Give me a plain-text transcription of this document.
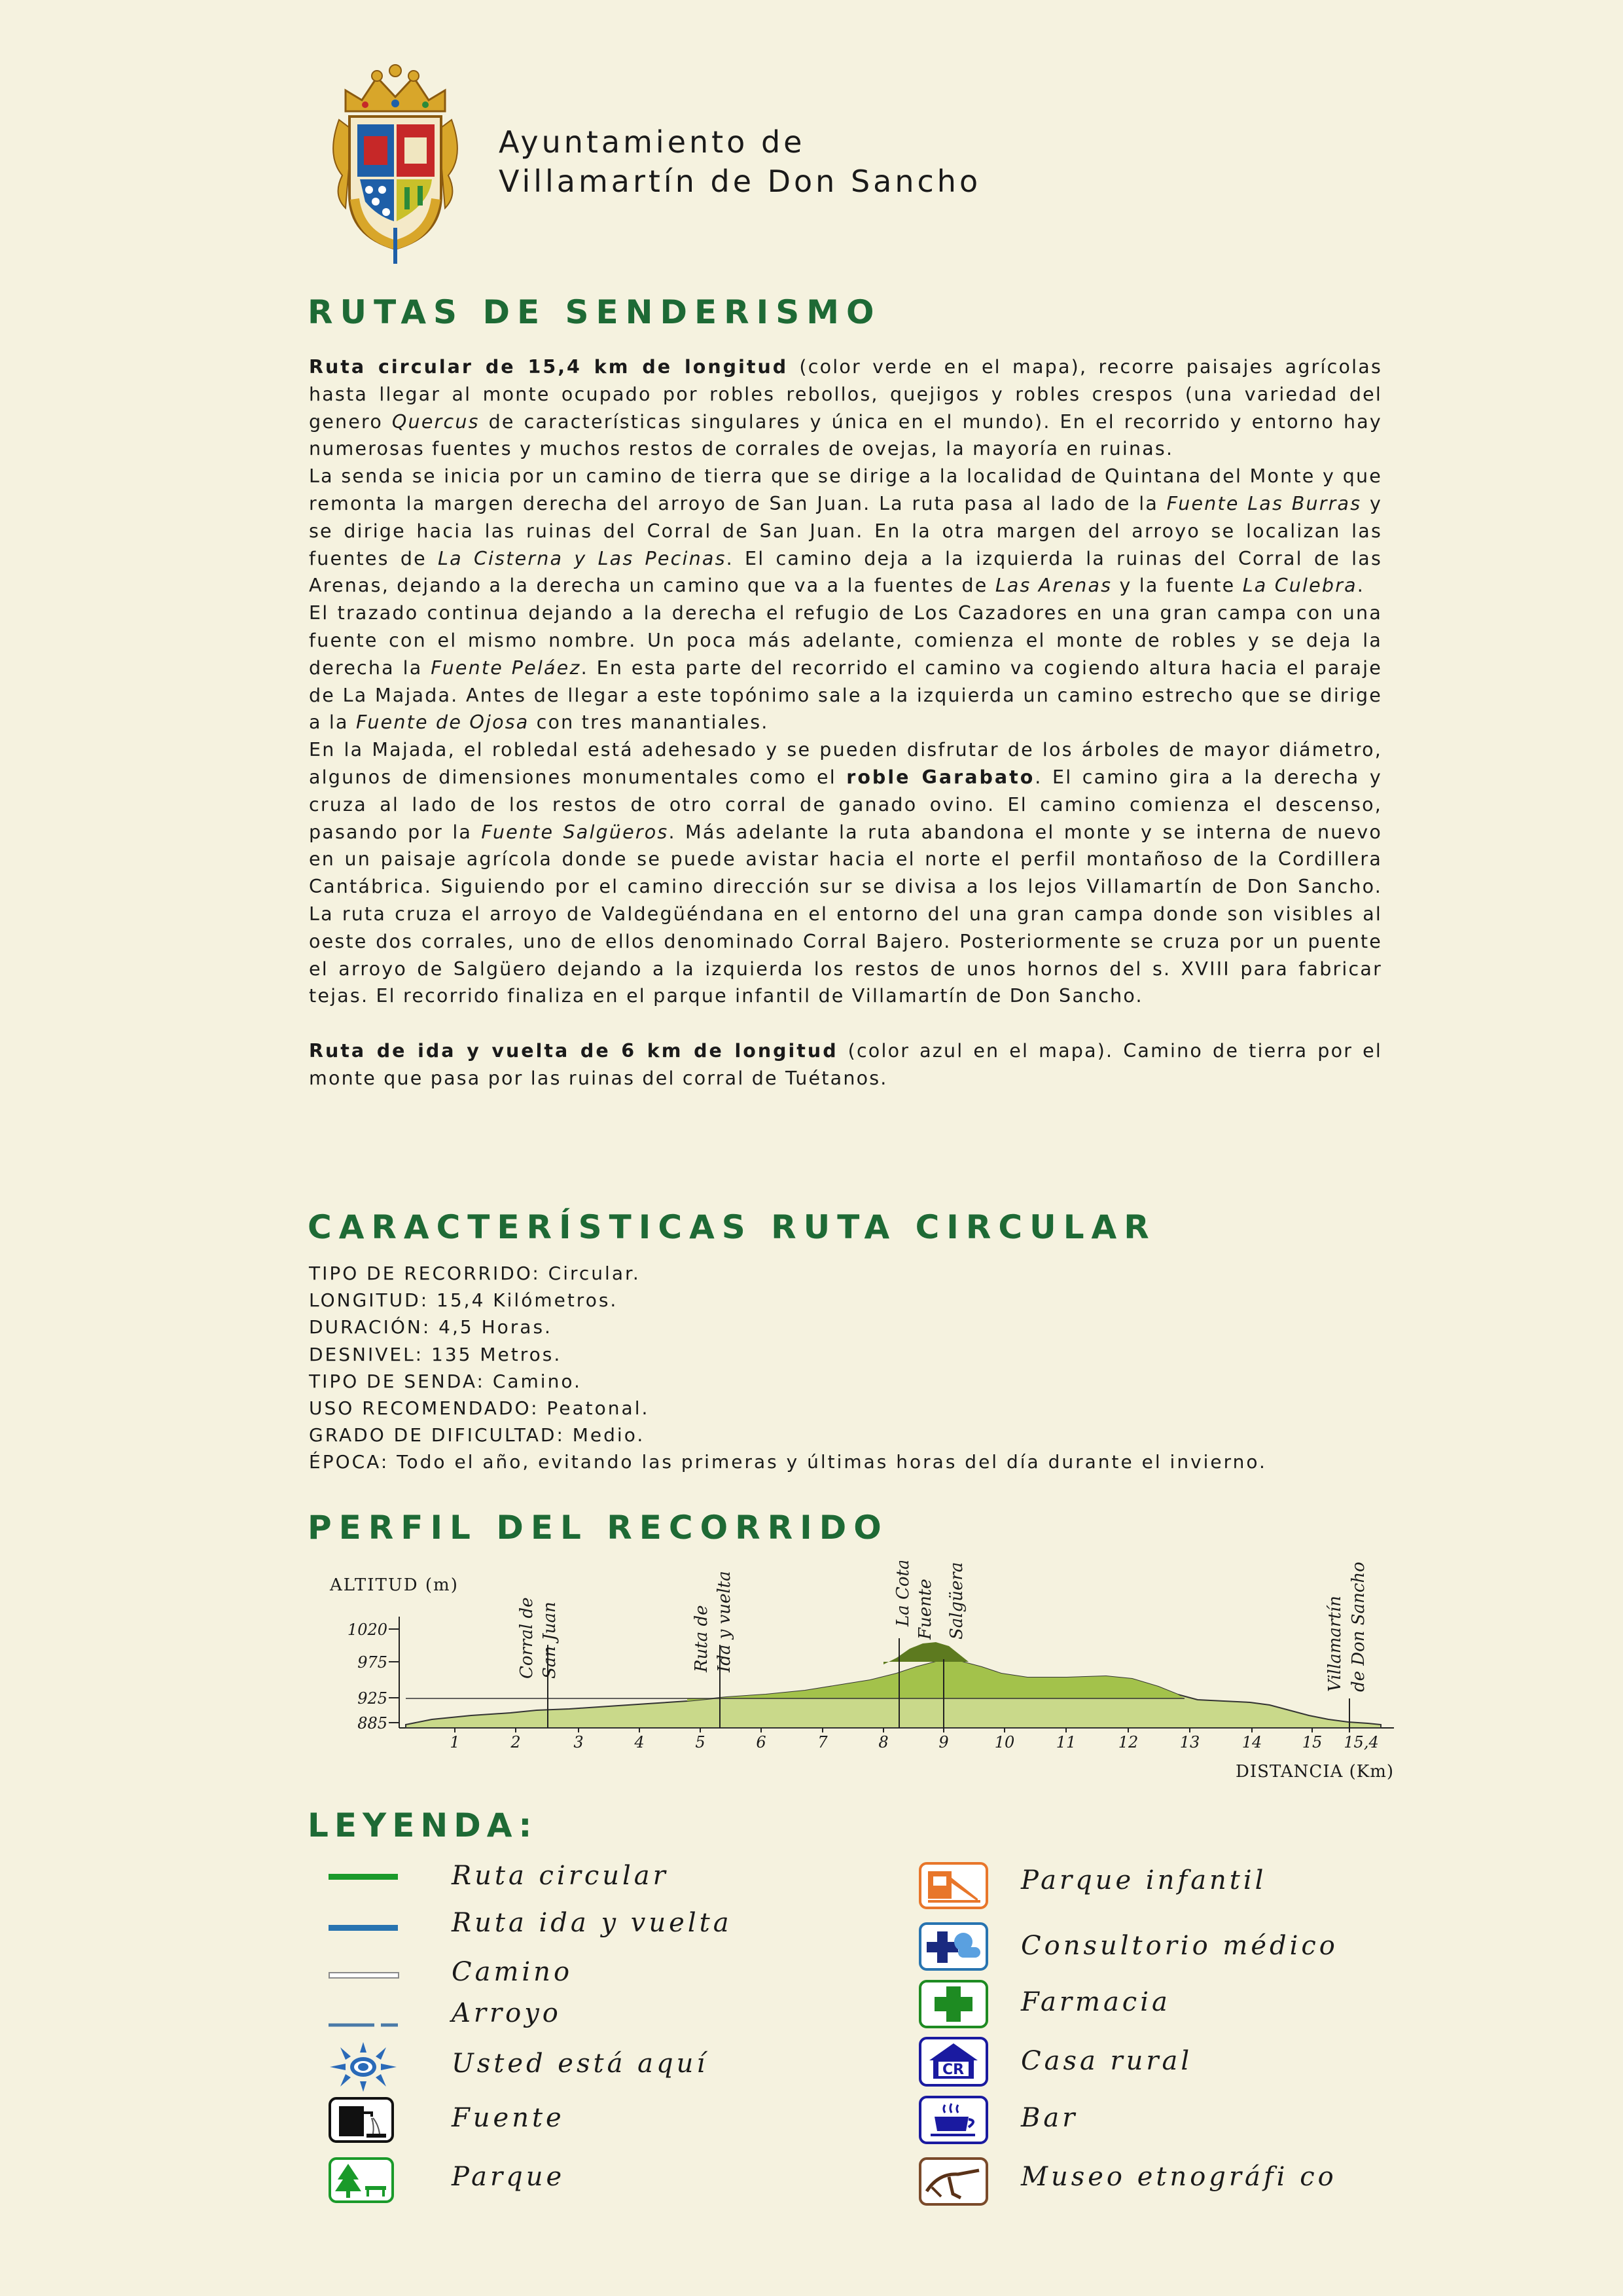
Ayuntamiento de
Villamartín de Don Sancho
RUTAS DE SENDERISMO

Ruta circular de 15,4 km de longitud (color verde en el mapa), recorre paisajes agrícolas hasta llegar al monte ocupado por robles rebollos, quejigos y robles crespos (una variedad del genero Quercus de características singulares y única en el mundo). En el recorrido y entorno hay numerosas fuentes y muchos restos de corrales de ovejas, la mayoría en ruinas.

La senda se inicia por un camino de tierra que se dirige a la localidad de Quintana del Monte y que remonta la margen derecha del arroyo de San Juan. La ruta pasa al lado de la Fuente Las Burras y se dirige hacia las ruinas del Corral de San Juan. En la otra margen del arroyo se localizan las fuentes de La Cisterna y Las Pecinas. El camino deja a la izquierda la ruinas del Corral de las Arenas, dejando a la derecha un camino que va a la fuentes de Las Arenas y la fuente La Culebra.

El trazado continua dejando a la derecha el refugio de Los Cazadores en una gran campa con una fuente con el mismo nombre. Un poca más adelante, comienza el monte de robles y se deja la derecha la Fuente Peláez. En esta parte del recorrido el camino va cogiendo altura hacia el paraje de La Majada. Antes de llegar a este topónimo sale a la izquierda un camino estrecho que se dirige a la Fuente de Ojosa con tres manantiales.

En la Majada, el robledal está adehesado y se pueden disfrutar de los árboles de mayor diámetro, algunos de dimensiones monumentales como el roble Garabato. El camino gira a la derecha y cruza al lado de los restos de otro corral de ganado ovino. El camino comienza el descenso, pasando por la Fuente Salgüeros. Más adelante la ruta abandona el monte y se interna de nuevo en un paisaje agrícola donde se puede avistar hacia el norte el perfil montañoso de la Cordillera Cantábrica. Siguiendo por el camino dirección sur se divisa a los lejos Villamartín de Don Sancho. La ruta cruza el arroyo de Valdegüéndana en el entorno del una gran campa donde son visibles al oeste dos corrales, uno de ellos denominado Corral Bajero. Posteriormente se cruza por un puente el arroyo de Salgüero dejando a la izquierda los restos de unos hornos del s. XVIII para fabricar tejas. El recorrido finaliza en el parque infantil de Villamartín de Don Sancho.

Ruta de ida y vuelta de 6 km de longitud (color azul en el mapa). Camino de tierra por el monte que pasa por las ruinas del corral de Tuétanos.

CARACTERÍSTICAS RUTA CIRCULAR
TIPO DE RECORRIDO: Circular.
LONGITUD: 15,4 Kilómetros.
DURACIÓN: 4,5 Horas.
DESNIVEL: 135 Metros.
TIPO DE SENDA: Camino.
USO RECOMENDADO: Peatonal.
GRADO DE DIFICULTAD: Medio.
ÉPOCA: Todo el año, evitando las primeras y últimas horas del día durante el invierno.
PERFIL DEL RECORRIDO
ALTITUD (m)
DISTANCIA (Km)
1020
975
925
885
Corral de San Juan	Ruta de Ida y vuelta	La Cota Fuente Salgüera	Villamartín de Don Sancho
1	2	3	4	5	6	7	8	9	10	11	12	13	14	15 15,4
LEYENDA:
Ruta circular
Ruta ida y vuelta
Camino
Arroyo
Usted está aquí
Fuente
Parque
Parque infantil
Consultorio médico
Farmacia
CR Casa rural
Bar
Museo etnográfi co
